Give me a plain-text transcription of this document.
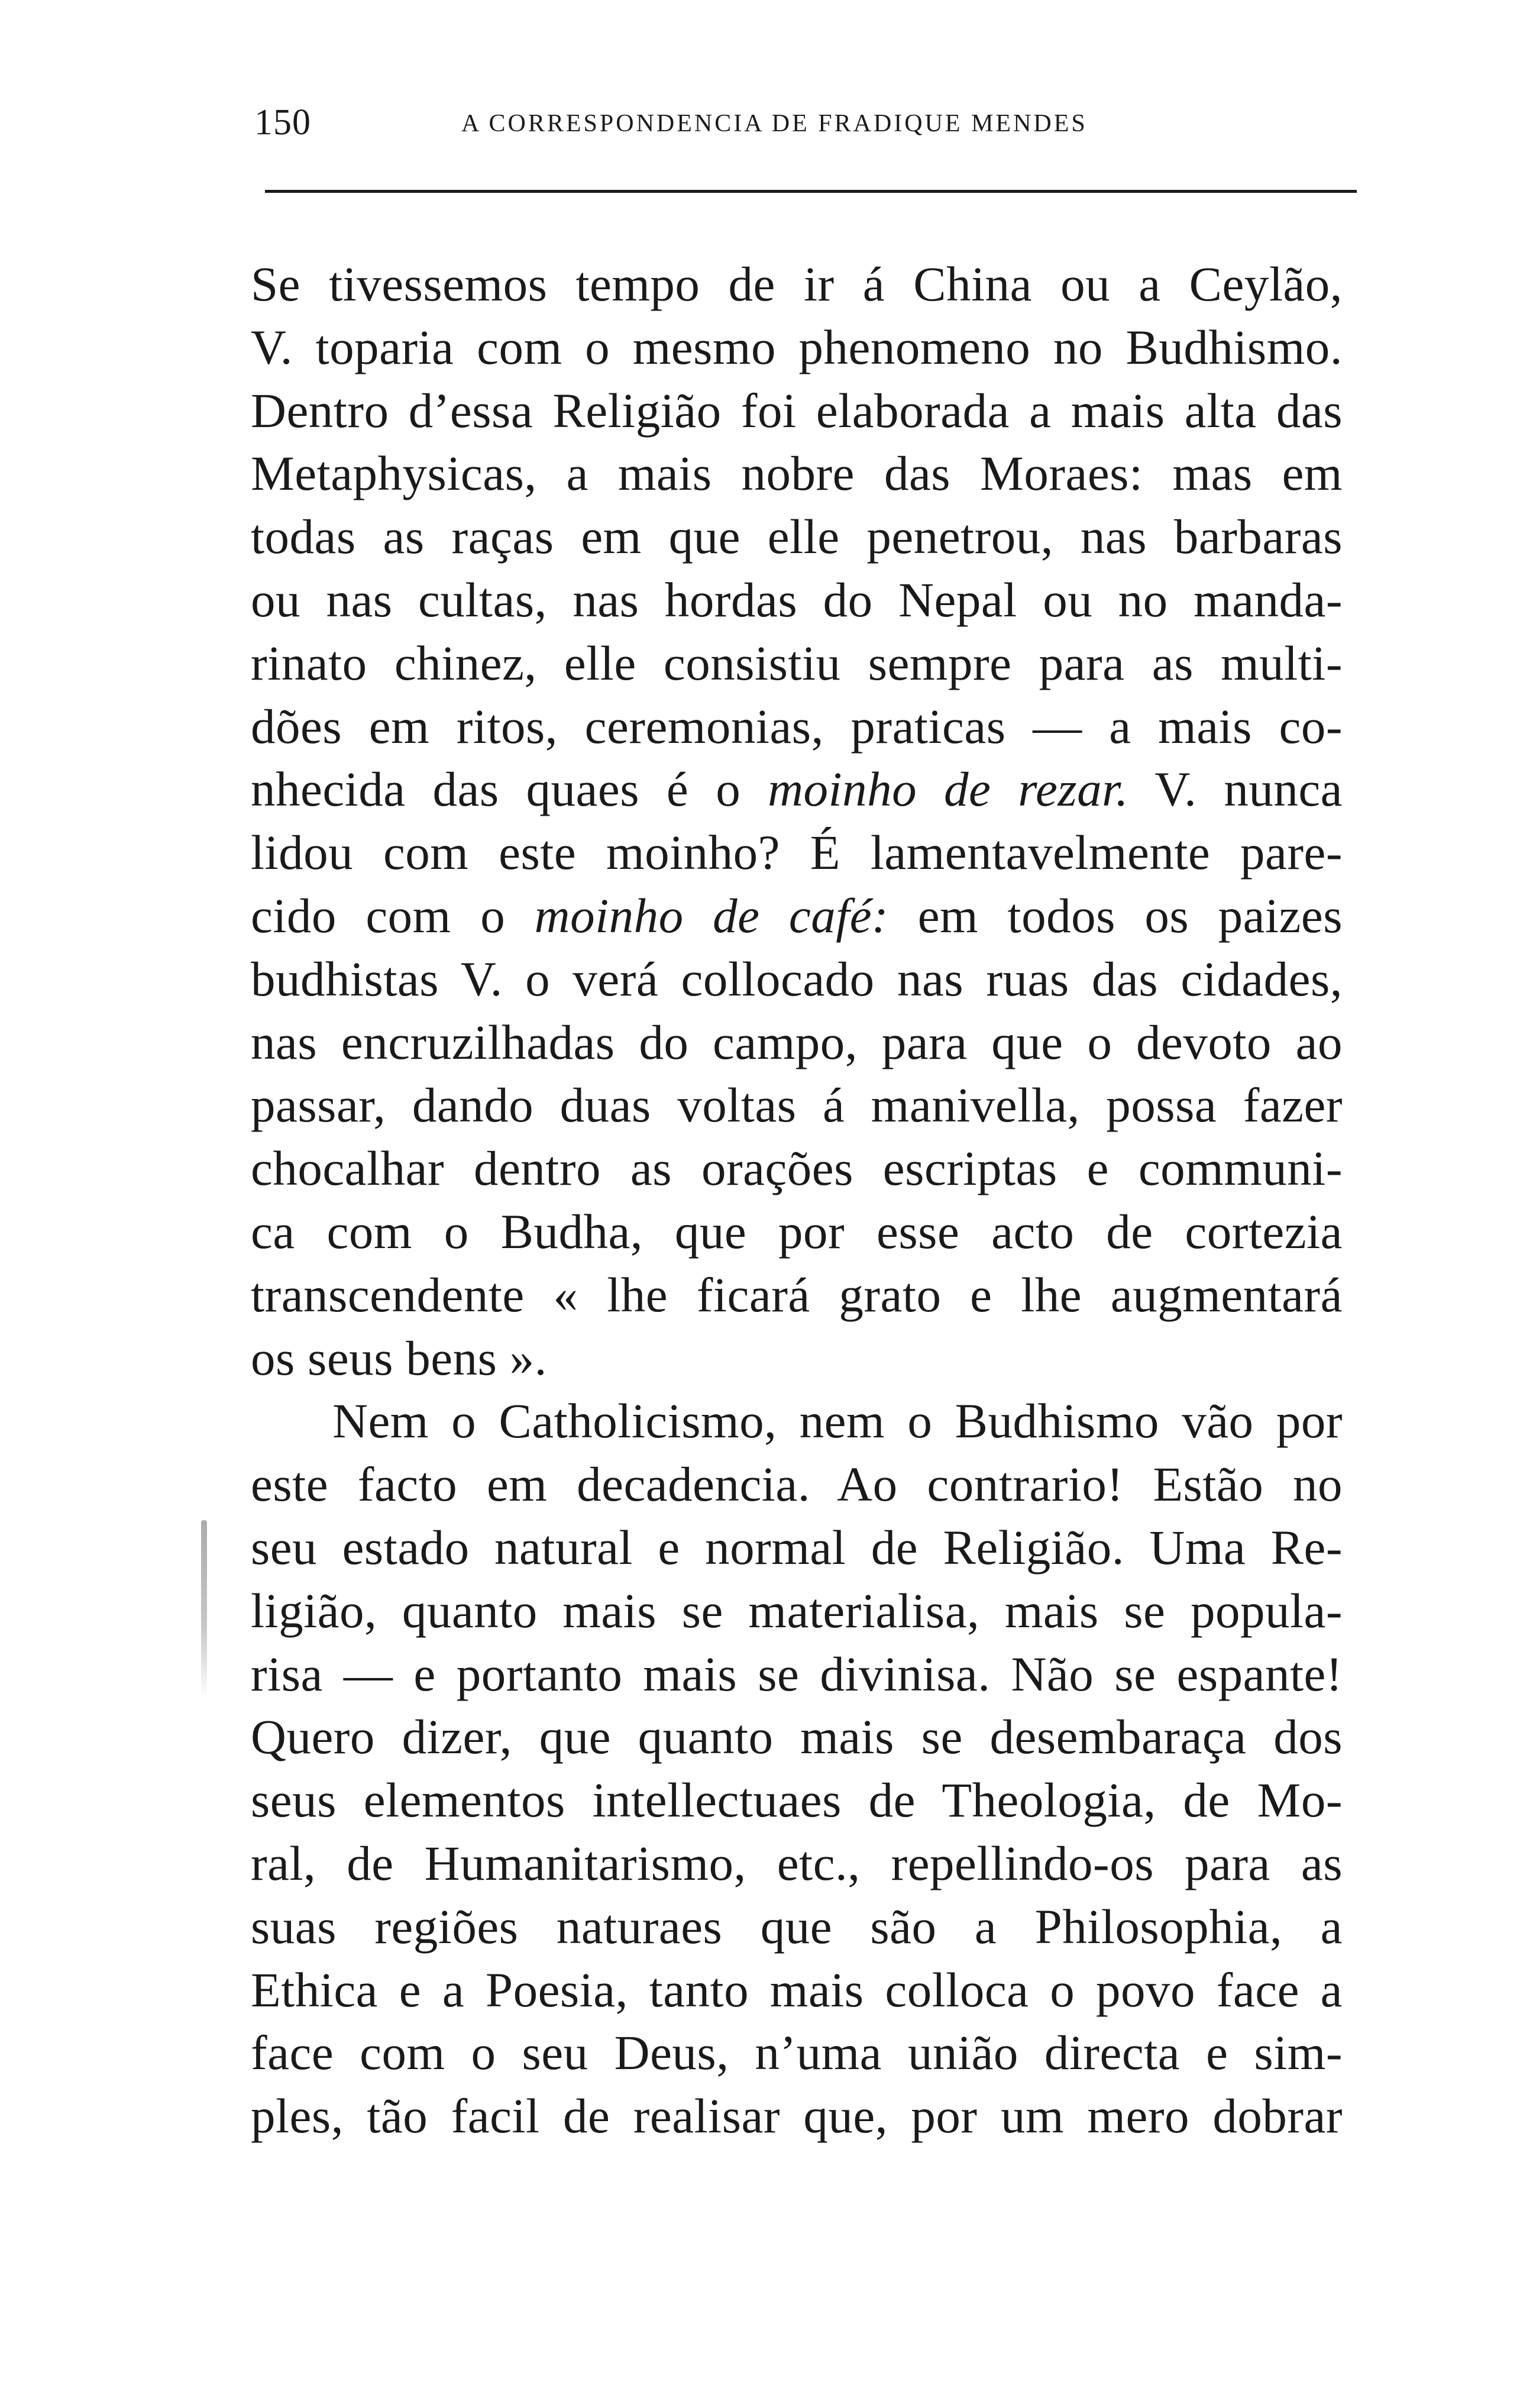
150	A CORRESPONDENCIA DE FRADIQUE MENDES
Se tivessemos tempo de ir á China ou a Ceylão,
V. toparia com o mesmo phenomeno no Budhismo.
Dentro d’essa Religião foi elaborada a mais alta das
Metaphysicas, a mais nobre das Moraes: mas em
todas as raças em que elle penetrou, nas barbaras
ou nas cultas, nas hordas do Nepal ou no manda-
rinato chinez, elle consistiu sempre para as multi-
dões em ritos, ceremonias, praticas — a mais co-
nhecida das quaes é o moinho de rezar. V. nunca
lidou com este moinho? É lamentavelmente pare-
cido com o moinho de café: em todos os paizes
budhistas V. o verá collocado nas ruas das cidades,
nas encruzilhadas do campo, para que o devoto ao
passar, dando duas voltas á manivella, possa fazer
chocalhar dentro as orações escriptas e communi-
ca com o Budha, que por esse acto de cortezia
transcendente « lhe ficará grato e lhe augmentará
os seus bens ».
Nem o Catholicismo, nem o Budhismo vão por
este facto em decadencia. Ao contrario! Estão no
seu estado natural e normal de Religião. Uma Re-
ligião, quanto mais se materialisa, mais se popula-
risa — e portanto mais se divinisa. Não se espante!
Quero dizer, que quanto mais se desembaraça dos
seus elementos intellectuaes de Theologia, de Mo-
ral, de Humanitarismo, etc., repellindo-os para as
suas regiões naturaes que são a Philosophia, a
Ethica e a Poesia, tanto mais colloca o povo face a
face com o seu Deus, n’uma união directa e sim-
ples, tão facil de realisar que, por um mero dobrar
